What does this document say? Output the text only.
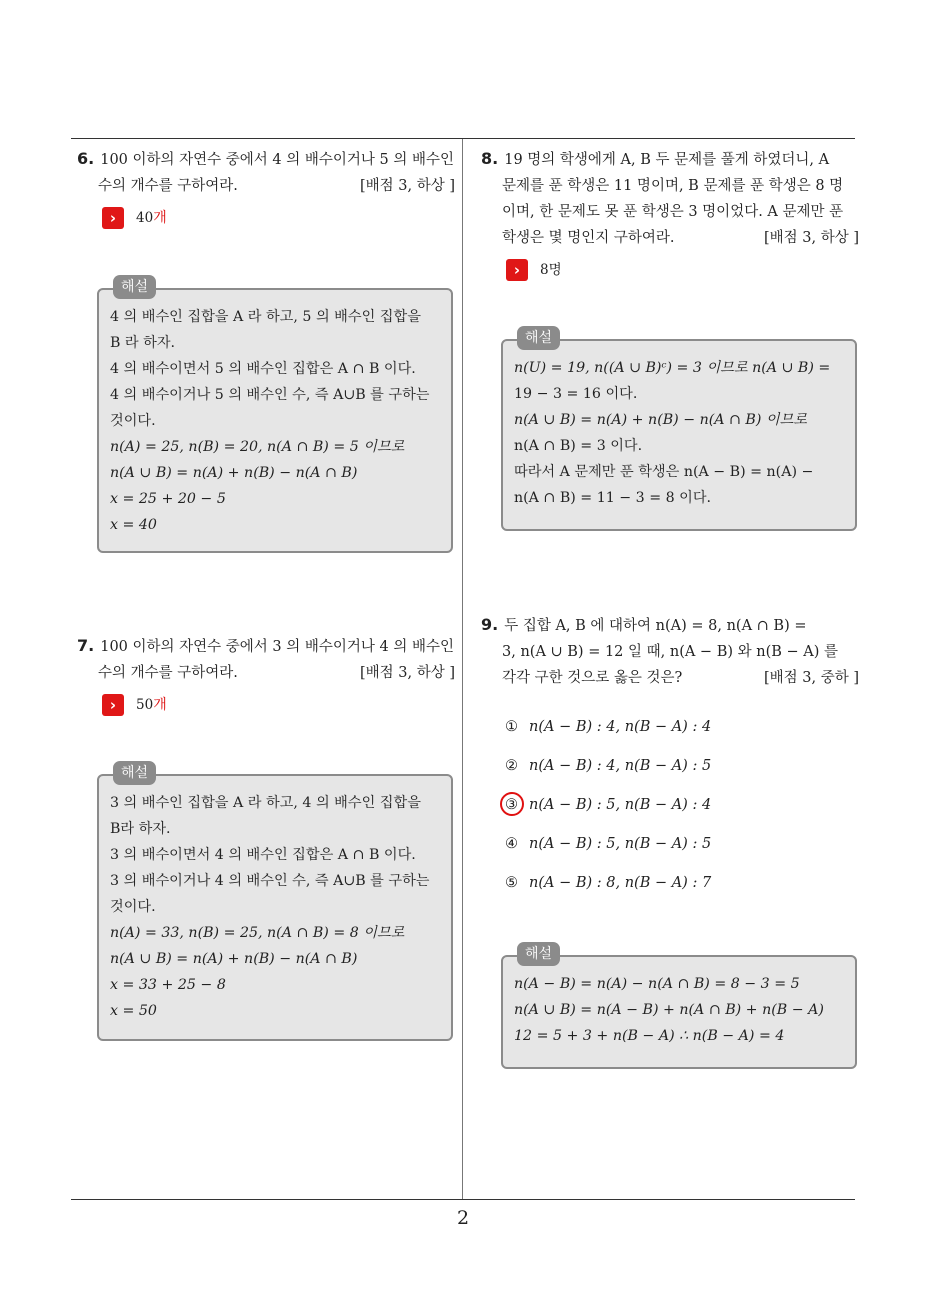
6. 100 이하의 자연수 중에서 4 의 배수이거나 5 의 배수인
수의 개수를 구하여라.	[배점 3, 하상 ]
›	40 개
해설

4 의 배수인 집합을 A 라 하고, 5 의 배수인 집합을

B 라 하자.

4 의 배수이면서 5 의 배수인 집합은 A ∩ B 이다.

4 의 배수이거나 5 의 배수인 수, 즉 A∪B 를 구하는

것이다.

n(A) = 25, n(B) = 20, n(A ∩ B) = 5 이므로

n(A ∪ B) = n(A) + n(B) − n(A ∩ B)

x = 25 + 20 − 5

x = 40

7. 100 이하의 자연수 중에서 3 의 배수이거나 4 의 배수인
수의 개수를 구하여라.	[배점 3, 하상 ]
›	50 개
해설

3 의 배수인 집합을 A 라 하고, 4 의 배수인 집합을

B라 하자.

3 의 배수이면서 4 의 배수인 집합은 A ∩ B 이다.

3 의 배수이거나 4 의 배수인 수, 즉 A∪B 를 구하는

것이다.

n(A) = 33, n(B) = 25, n(A ∩ B) = 8 이므로

n(A ∪ B) = n(A) + n(B) − n(A ∩ B)

x = 33 + 25 − 8

x = 50

8. 19 명의 학생에게 A, B 두 문제를 풀게 하였더니, A
문제를 푼 학생은 11 명이며, B 문제를 푼 학생은 8 명
이며, 한 문제도 못 푼 학생은 3 명이었다. A 문제만 푼
학생은 몇 명인지 구하여라.	[배점 3, 하상 ]
›	8명
해설

n(U) = 19, n((A ∪ B)ᶜ) = 3 이므로 n(A ∪ B) =

19 − 3 = 16 이다.

n(A ∪ B) = n(A) + n(B) − n(A ∩ B) 이므로

n(A ∩ B) = 3 이다.

따라서 A 문제만 푼 학생은 n(A − B) = n(A) −

n(A ∩ B) = 11 − 3 = 8 이다.

9. 두 집합 A, B 에 대하여 n(A) = 8, n(A ∩ B) =
3, n(A ∪ B) = 12 일 때, n(A − B) 와 n(B − A) 를
각각 구한 것으로 옳은 것은?	[배점 3, 중하 ]
① n(A − B) : 4, n(B − A) : 4
② n(A − B) : 4, n(B − A) : 5
③ n(A − B) : 5, n(B − A) : 4
④ n(A − B) : 5, n(B − A) : 5
⑤ n(A − B) : 8, n(B − A) : 7
해설

n(A − B) = n(A) − n(A ∩ B) = 8 − 3 = 5

n(A ∪ B) = n(A − B) + n(A ∩ B) + n(B − A)

12 = 5 + 3 + n(B − A) ∴ n(B − A) = 4

2
